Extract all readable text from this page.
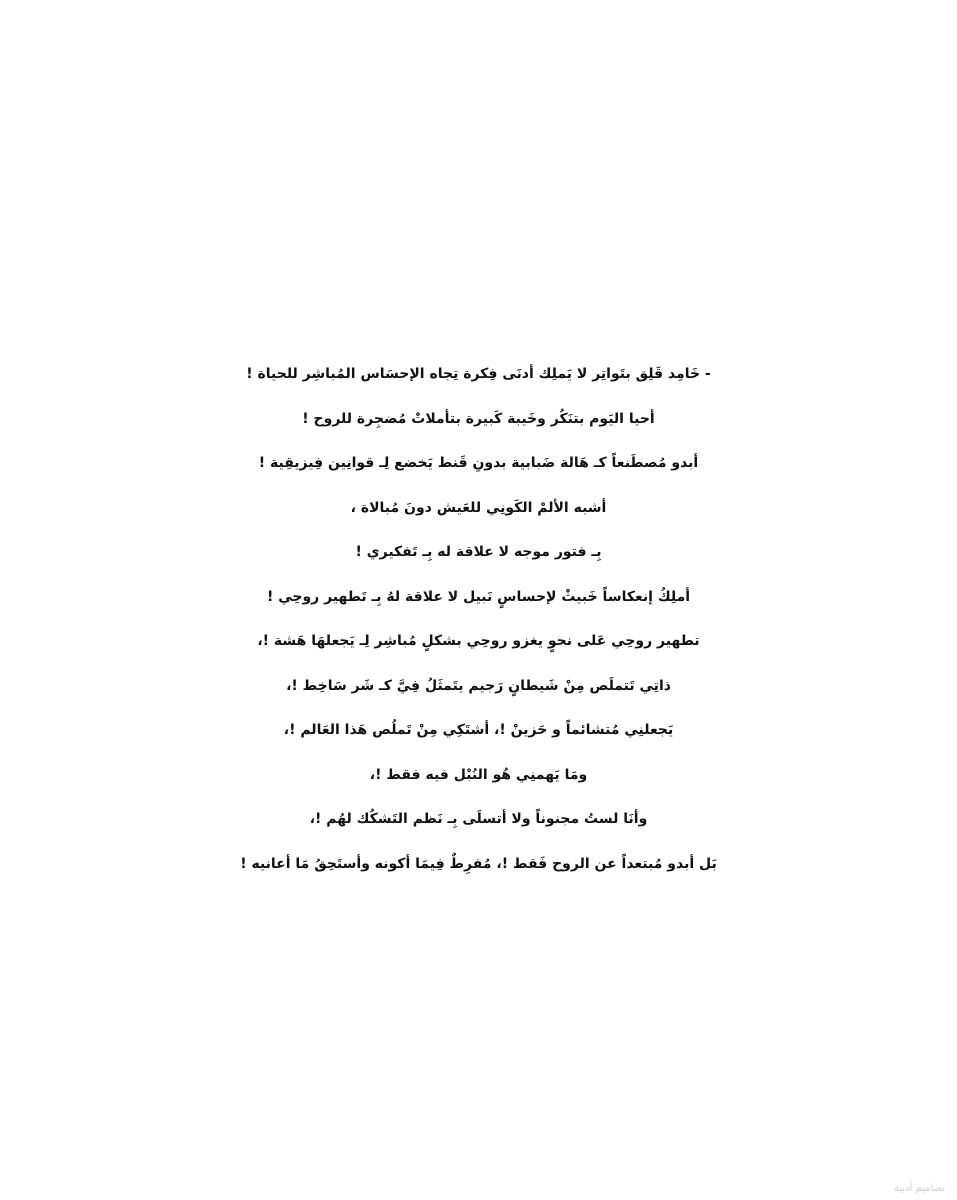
- خَامِد قَلِق بتَواتِر لا يَملِك أدنَى فِكرة تِجاه الإحسَاس المُباشِر للحياة !
أحيا اليَوم بتنَكُر وخَيبة كَبيرة بتأملاتْ مُضجِرة للروح !
أبدو مُصطَنعاً كـ هَالة ضَبابية بدونِ قَنط يَخضع لِـ قوانِين فِيزيقِية !
أشبه الألمْ الكَونِي للعَيش دونَ مُبالاة ،
بِـ فتور موجه لا علاقة له بِـ تَفكيري !
أملِكُ إنعكاساً خَبيثْ لإحساسٍ نَبيل لا علاقة لهُ بِـ تَطهير روحِي !
تطهير روحِي عَلى نحوٍ يغزو روحِي بشكلٍ مُباشِر لِـ يَجعلهَا هَشة !،
ذاتِي تَتملَص مِنْ شَيطانٍ رَجيم يتَمثَلُ فِيَّ كـ شَر سَاخِط !،
يَجعلنِي مُتشائماً و حَزينْ !، أشتَكِي مِنْ تَملُص هَذا العَالم !،
ومَا يَهمنِي هُو النُبْل فيه فقط !،
وأنَا لستُ مجنوناً ولا أتسلَى بِـ نَظم التَشكُك لهُم !،
بَل أبدو مُبتعداً عن الروح فَقط !، مُفرِطٌ فِيمَا أكونه وأستَحِقُ مَا أعانيه !
تصاميم أدبية
